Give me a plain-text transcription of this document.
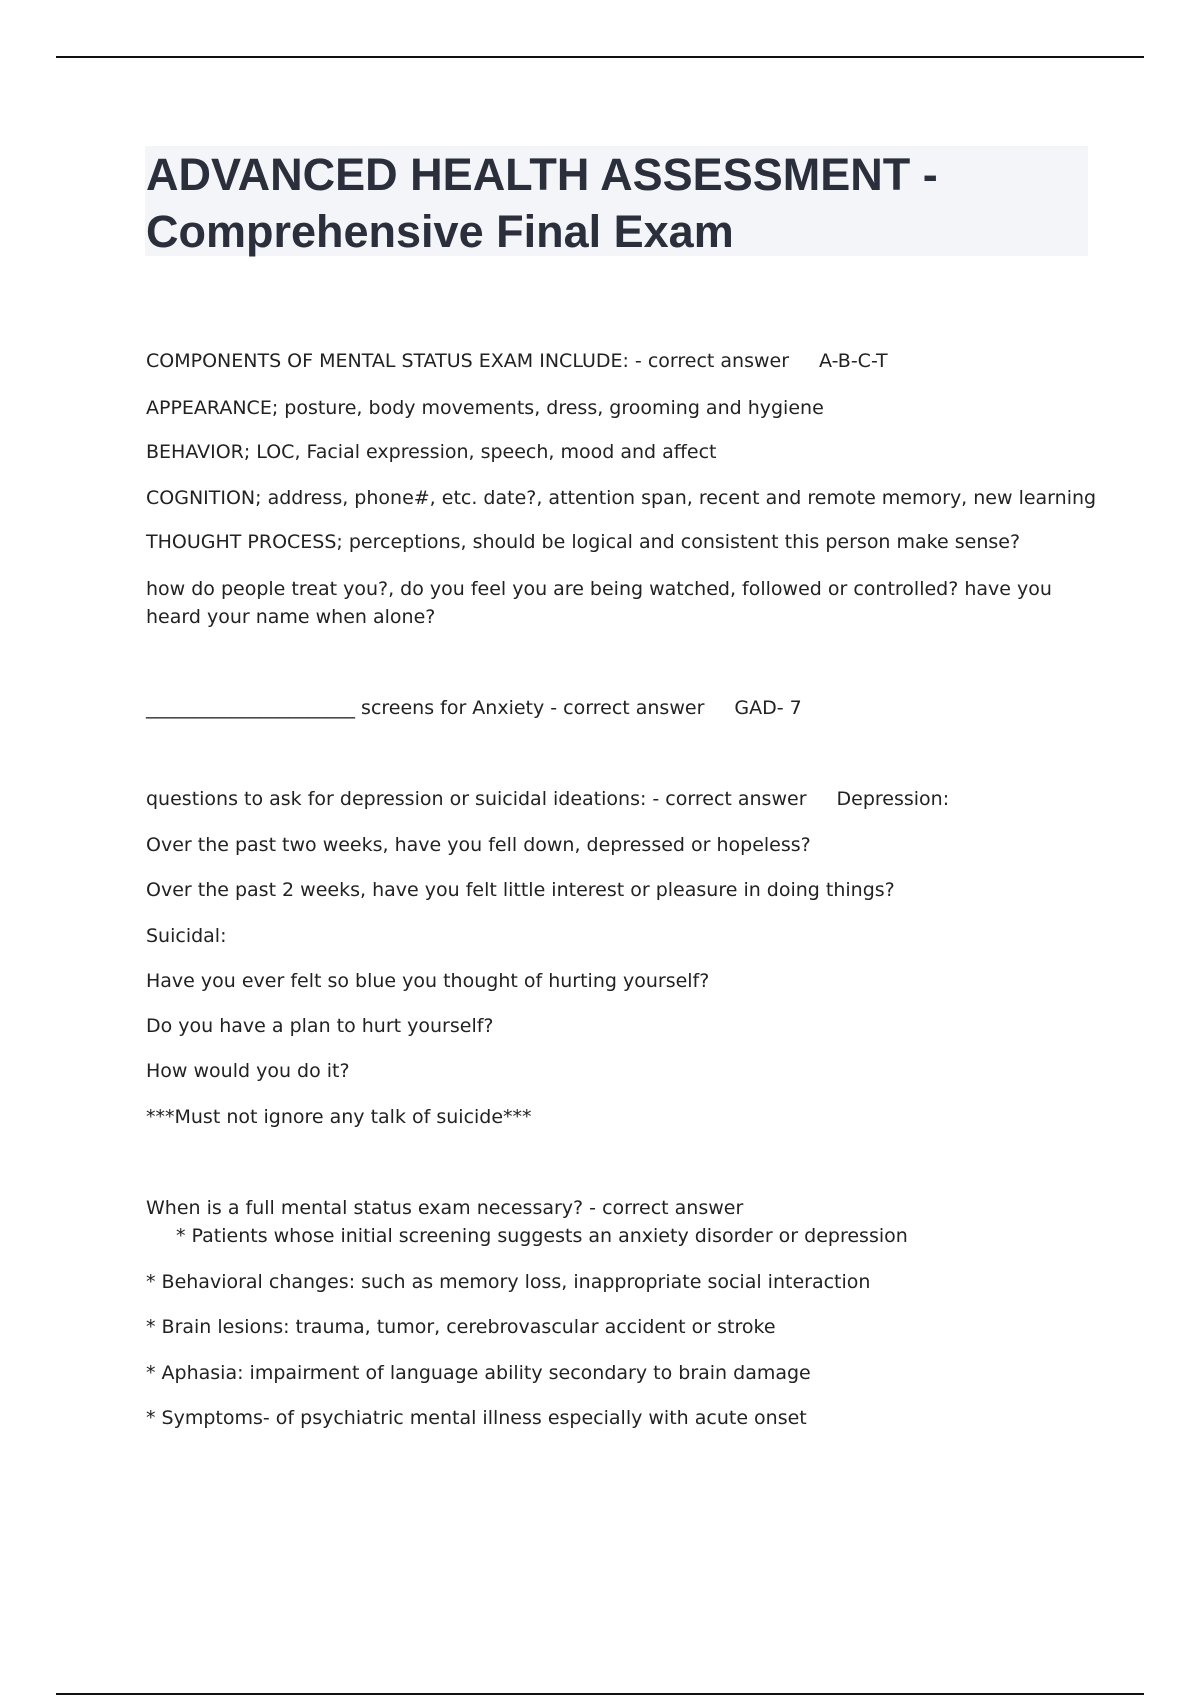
ADVANCED HEALTH ASSESSMENT -
Comprehensive Final Exam
COMPONENTS OF MENTAL STATUS EXAM INCLUDE: - correct answer A-B-C-T
APPEARANCE; posture, body movements, dress, grooming and hygiene
BEHAVIOR; LOC, Facial expression, speech, mood and affect
COGNITION; address, phone#, etc. date?, attention span, recent and remote memory, new learning
THOUGHT PROCESS; perceptions, should be logical and consistent this person make sense?
how do people treat you?, do you feel you are being watched, followed or controlled? have you heard your name when alone?
______________________ screens for Anxiety - correct answer GAD- 7
questions to ask for depression or suicidal ideations: - correct answer Depression:
Over the past two weeks, have you fell down, depressed or hopeless?
Over the past 2 weeks, have you felt little interest or pleasure in doing things?
Suicidal:
Have you ever felt so blue you thought of hurting yourself?
Do you have a plan to hurt yourself?
How would you do it?
***Must not ignore any talk of suicide***
When is a full mental status exam necessary? - correct answer* Patients whose initial screening suggests an anxiety disorder or depression
* Behavioral changes: such as memory loss, inappropriate social interaction
* Brain lesions: trauma, tumor, cerebrovascular accident or stroke
* Aphasia: impairment of language ability secondary to brain damage
* Symptoms- of psychiatric mental illness especially with acute onset
